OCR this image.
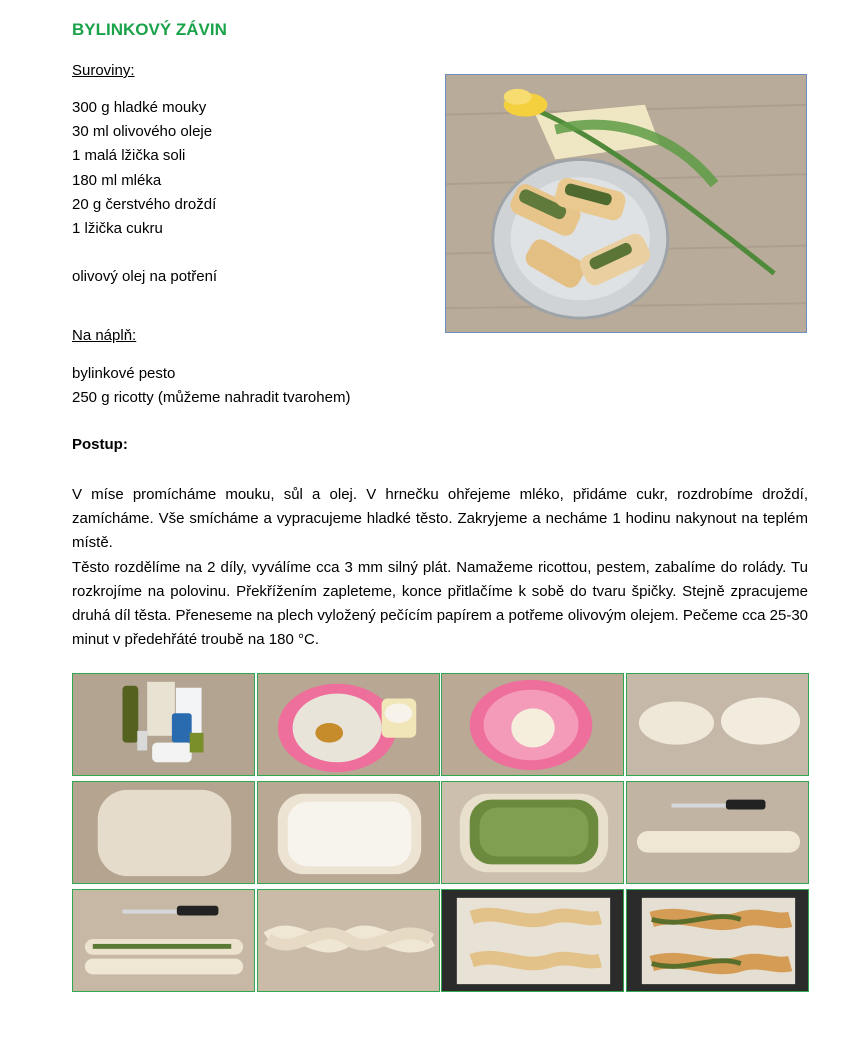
BYLINKOVÝ ZÁVIN
Suroviny:
300 g hladké mouky
30 ml olivového oleje
1 malá lžička soli
180 ml mléka
20 g čerstvého droždí
1 lžička cukru
olivový olej na potření
Na náplň:
bylinkové pesto
250 g ricotty (můžeme nahradit tvarohem)
Postup:

V míse promícháme mouku, sůl a olej. V hrnečku ohřejeme mléko, přidáme cukr, rozdrobíme droždí, zamícháme. Vše smícháme a vypracujeme hladké těsto. Zakryjeme a necháme 1 hodinu nakynout na teplém místě.

Těsto rozdělíme na 2 díly, vyválíme cca 3 mm silný plát. Namažeme ricottou, pestem, zabalíme do rolády. Tu rozkrojíme na polovinu. Překřížením zapleteme, konce přitlačíme k sobě do tvaru špičky. Stejně zpracujeme druhá díl těsta. Přeneseme na plech vyložený pečícím papírem a potřeme olivovým olejem. Pečeme cca 25-30 minut v předehřáté troubě na 180 °C.
